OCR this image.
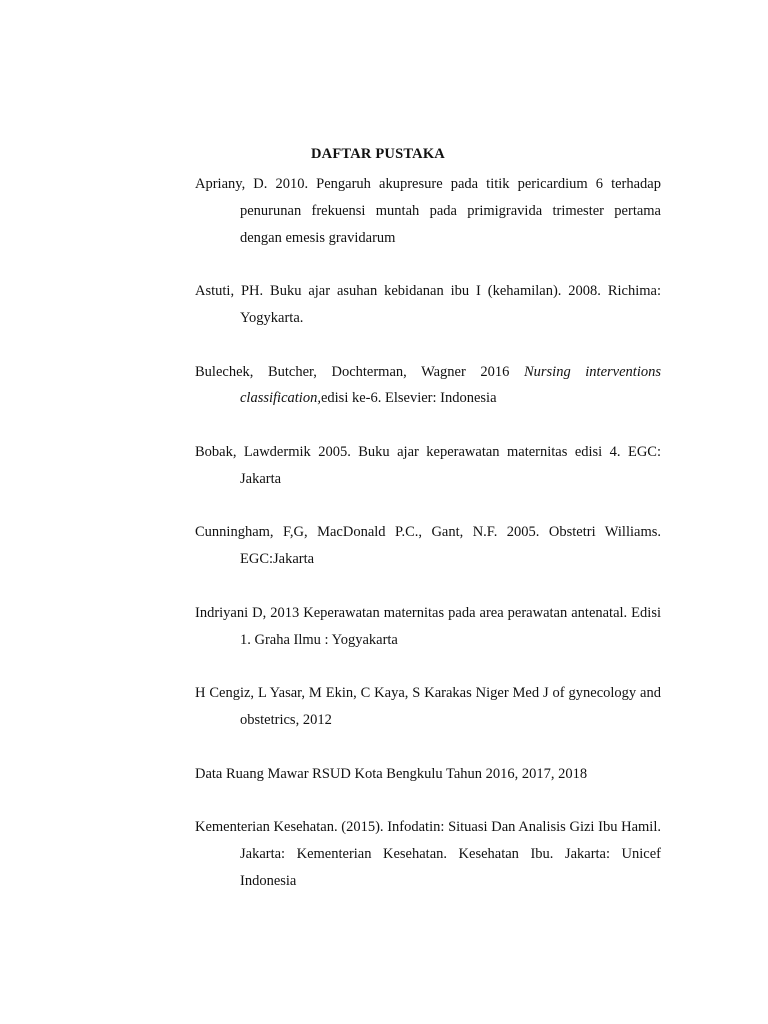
DAFTAR PUSTAKA
Apriany, D. 2010. Pengaruh akupresure pada titik pericardium 6 terhadap penurunan frekuensi muntah pada primigravida trimester pertama dengan emesis gravidarum
Astuti, PH. Buku ajar asuhan kebidanan ibu I (kehamilan). 2008. Richima: Yogykarta.
Bulechek, Butcher, Dochterman, Wagner 2016 Nursing interventions classification,edisi ke-6. Elsevier: Indonesia
Bobak, Lawdermik 2005. Buku ajar keperawatan maternitas edisi 4. EGC: Jakarta
Cunningham, F,G, MacDonald P.C., Gant, N.F. 2005. Obstetri Williams. EGC:Jakarta
Indriyani D, 2013 Keperawatan maternitas pada area perawatan antenatal. Edisi 1. Graha Ilmu : Yogyakarta
H Cengiz, L Yasar, M Ekin, C Kaya, S Karakas Niger Med J of gynecology and obstetrics, 2012
Data Ruang Mawar RSUD Kota Bengkulu Tahun 2016, 2017, 2018
Kementerian Kesehatan. (2015). Infodatin: Situasi Dan Analisis Gizi Ibu Hamil. Jakarta: Kementerian Kesehatan. Kesehatan Ibu. Jakarta: Unicef Indonesia
